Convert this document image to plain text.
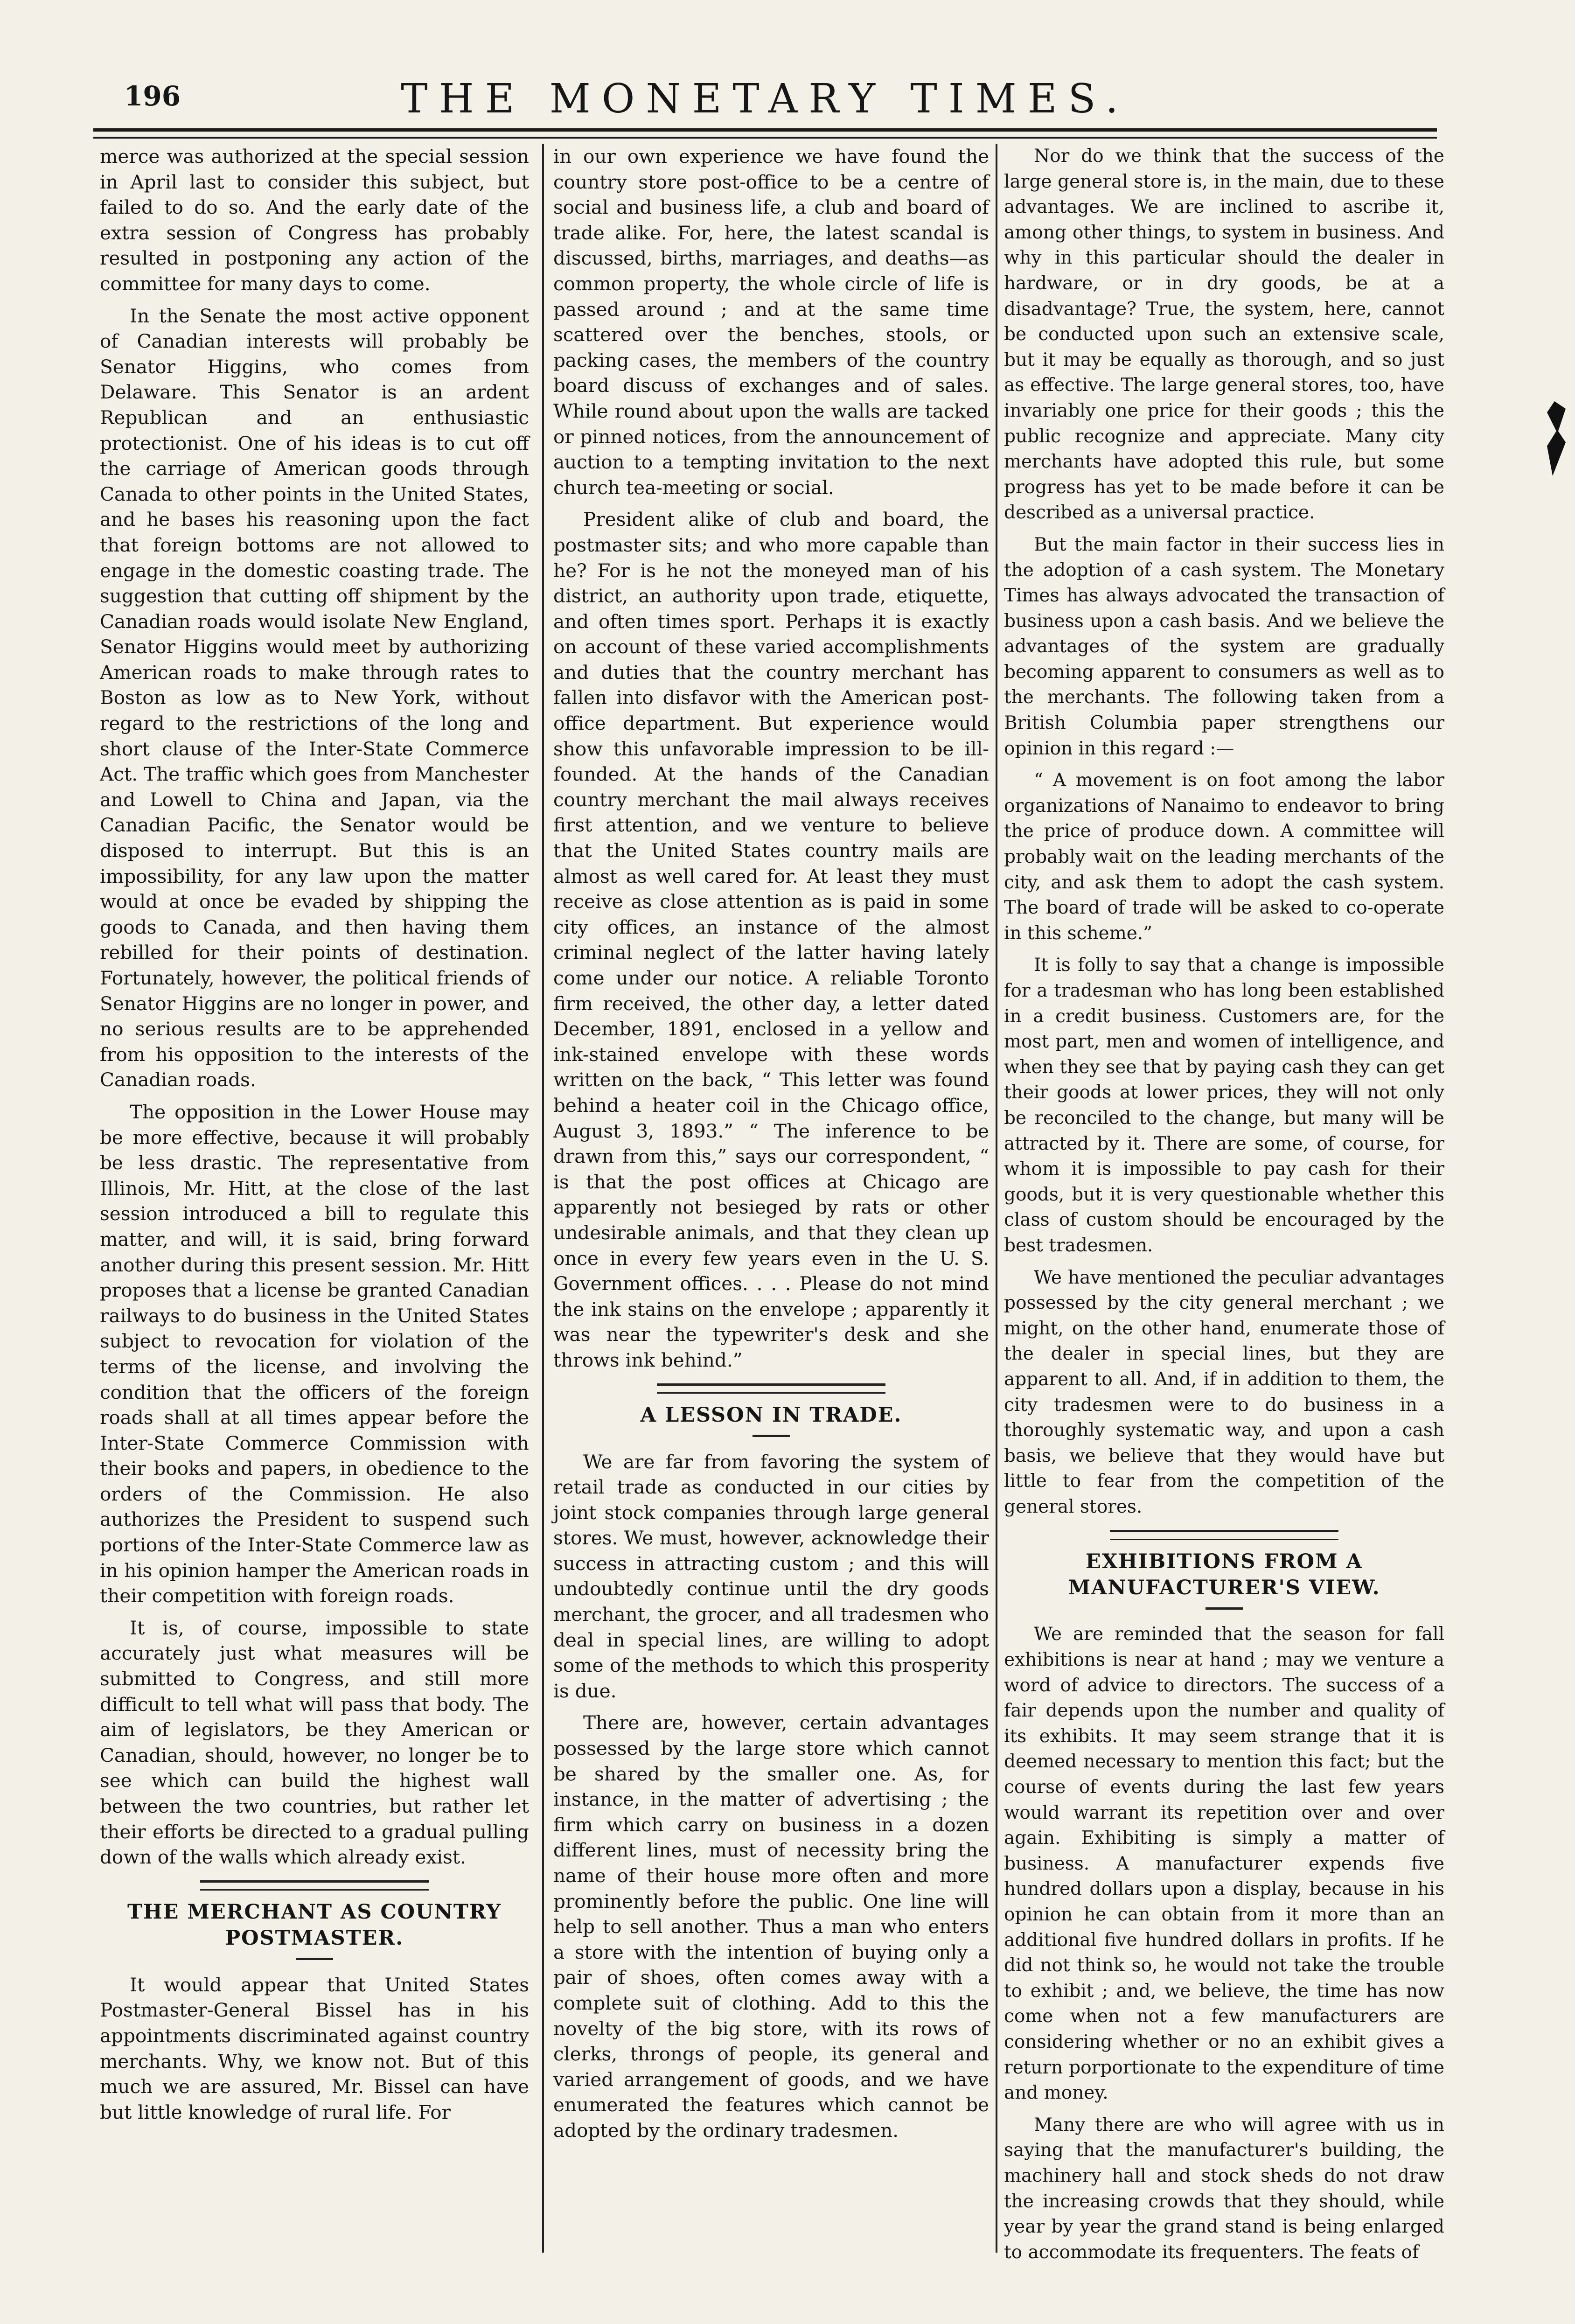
196	THE MONETARY TIMES.

merce was authorized at the special session in April last to consider this subject, but failed to do so. And the early date of the extra session of Congress has probably resulted in postponing any action of the committee for many days to come.

In the Senate the most active opponent of Canadian interests will probably be Senator Higgins, who comes from Delaware. This Senator is an ardent Republican and an enthusiastic protectionist. One of his ideas is to cut off the carriage of American goods through Canada to other points in the United States, and he bases his reasoning upon the fact that foreign bottoms are not allowed to engage in the domestic coasting trade. The suggestion that cutting off shipment by the Canadian roads would isolate New England, Senator Higgins would meet by authorizing American roads to make through rates to Boston as low as to New York, without regard to the restrictions of the long and short clause of the Inter-State Commerce Act. The traffic which goes from Manchester and Lowell to China and Japan, via the Canadian Pacific, the Senator would be disposed to interrupt. But this is an impossibility, for any law upon the matter would at once be evaded by shipping the goods to Canada, and then having them rebilled for their points of destination. Fortunately, however, the political friends of Senator Higgins are no longer in power, and no serious results are to be apprehended from his opposition to the interests of the Canadian roads.

The opposition in the Lower House may be more effective, because it will probably be less drastic. The representative from Illinois, Mr. Hitt, at the close of the last session introduced a bill to regulate this matter, and will, it is said, bring forward another during this present session. Mr. Hitt proposes that a license be granted Canadian railways to do business in the United States subject to revocation for violation of the terms of the license, and involving the condition that the officers of the foreign roads shall at all times appear before the Inter-State Commerce Commission with their books and papers, in obedience to the orders of the Commission. He also authorizes the President to suspend such portions of the Inter-State Commerce law as in his opinion hamper the American roads in their competition with foreign roads.

It is, of course, impossible to state accurately just what measures will be submitted to Congress, and still more difficult to tell what will pass that body. The aim of legislators, be they American or Canadian, should, however, no longer be to see which can build the highest wall between the two countries, but rather let their efforts be directed to a gradual pulling down of the walls which already exist.

THE MERCHANT AS COUNTRY POSTMASTER.

It would appear that United States Postmaster-General Bissel has in his appointments discriminated against country merchants. Why, we know not. But of this much we are assured, Mr. Bissel can have but little knowledge of rural life. For

in our own experience we have found the country store post-office to be a centre of social and business life, a club and board of trade alike. For, here, the latest scandal is discussed, births, marriages, and deaths—as common property, the whole circle of life is passed around ; and at the same time scattered over the benches, stools, or packing cases, the members of the country board discuss of exchanges and of sales. While round about upon the walls are tacked or pinned notices, from the announcement of auction to a tempting invitation to the next church tea-meeting or social.

President alike of club and board, the postmaster sits; and who more capable than he? For is he not the moneyed man of his district, an authority upon trade, etiquette, and often times sport. Perhaps it is exactly on account of these varied accomplishments and duties that the country merchant has fallen into disfavor with the American post-office department. But experience would show this unfavorable impression to be ill-founded. At the hands of the Canadian country merchant the mail always receives first attention, and we venture to believe that the United States country mails are almost as well cared for. At least they must receive as close attention as is paid in some city offices, an instance of the almost criminal neglect of the latter having lately come under our notice. A reliable Toronto firm received, the other day, a letter dated December, 1891, enclosed in a yellow and ink-stained envelope with these words written on the back, “ This letter was found behind a heater coil in the Chicago office, August 3, 1893.” “ The inference to be drawn from this,” says our correspondent, “ is that the post offices at Chicago are apparently not besieged by rats or other undesirable animals, and that they clean up once in every few years even in the U. S. Government offices. . . . Please do not mind the ink stains on the envelope ; apparently it was near the typewriter's desk and she throws ink behind.”

A LESSON IN TRADE.

We are far from favoring the system of retail trade as conducted in our cities by joint stock companies through large general stores. We must, however, acknowledge their success in attracting custom ; and this will undoubtedly continue until the dry goods merchant, the grocer, and all tradesmen who deal in special lines, are willing to adopt some of the methods to which this prosperity is due.

There are, however, certain advantages possessed by the large store which cannot be shared by the smaller one. As, for instance, in the matter of advertising ; the firm which carry on business in a dozen different lines, must of necessity bring the name of their house more often and more prominently before the public. One line will help to sell another. Thus a man who enters a store with the intention of buying only a pair of shoes, often comes away with a complete suit of clothing. Add to this the novelty of the big store, with its rows of clerks, throngs of people, its general and varied arrangement of goods, and we have enumerated the features which cannot be adopted by the ordinary tradesmen.

Nor do we think that the success of the large general store is, in the main, due to these advantages. We are inclined to ascribe it, among other things, to system in business. And why in this particular should the dealer in hardware, or in dry goods, be at a disadvantage? True, the system, here, cannot be conducted upon such an extensive scale, but it may be equally as thorough, and so just as effective. The large general stores, too, have invariably one price for their goods ; this the public recognize and appreciate. Many city merchants have adopted this rule, but some progress has yet to be made before it can be described as a universal practice.

But the main factor in their success lies in the adoption of a cash system. The Monetary Times has always advocated the transaction of business upon a cash basis. And we believe the advantages of the system are gradually becoming apparent to consumers as well as to the merchants. The following taken from a British Columbia paper strengthens our opinion in this regard :—

“ A movement is on foot among the labor organizations of Nanaimo to endeavor to bring the price of produce down. A committee will probably wait on the leading merchants of the city, and ask them to adopt the cash system. The board of trade will be asked to co-operate in this scheme.”

It is folly to say that a change is impossible for a tradesman who has long been established in a credit business. Customers are, for the most part, men and women of intelligence, and when they see that by paying cash they can get their goods at lower prices, they will not only be reconciled to the change, but many will be attracted by it. There are some, of course, for whom it is impossible to pay cash for their goods, but it is very questionable whether this class of custom should be encouraged by the best tradesmen.

We have mentioned the peculiar advantages possessed by the city general merchant ; we might, on the other hand, enumerate those of the dealer in special lines, but they are apparent to all. And, if in addition to them, the city tradesmen were to do business in a thoroughly systematic way, and upon a cash basis, we believe that they would have but little to fear from the competition of the general stores.

EXHIBITIONS FROM A MANUFACTURER'S VIEW.

We are reminded that the season for fall exhibitions is near at hand ; may we venture a word of advice to directors. The success of a fair depends upon the number and quality of its exhibits. It may seem strange that it is deemed necessary to mention this fact; but the course of events during the last few years would warrant its repetition over and over again. Exhibiting is simply a matter of business. A manufacturer expends five hundred dollars upon a display, because in his opinion he can obtain from it more than an additional five hundred dollars in profits. If he did not think so, he would not take the trouble to exhibit ; and, we believe, the time has now come when not a few manufacturers are considering whether or no an exhibit gives a return porportionate to the expenditure of time and money.

Many there are who will agree with us in saying that the manufacturer's building, the machinery hall and stock sheds do not draw the increasing crowds that they should, while year by year the grand stand is being enlarged to accommodate its frequenters. The feats of
